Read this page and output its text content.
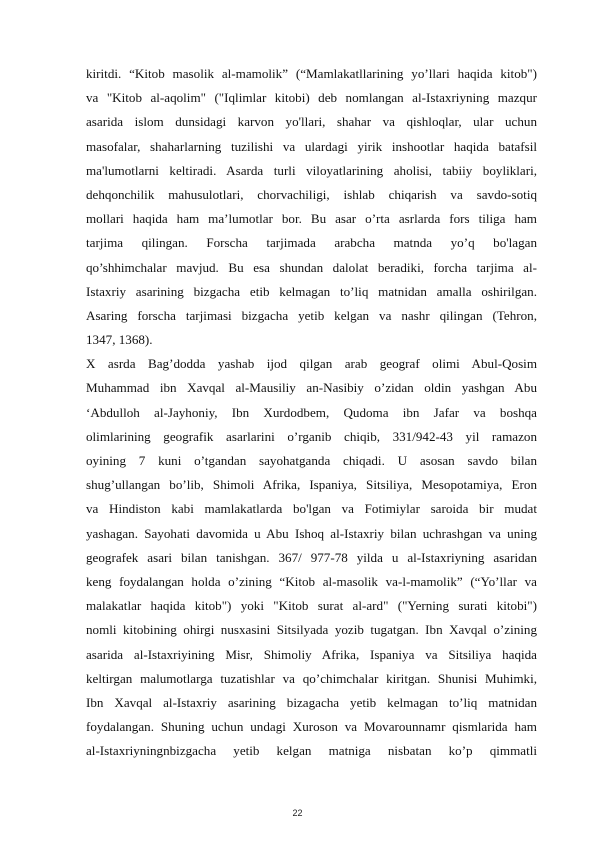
kiritdi. “Kitob masolik al-mamolik” (“Mamlakatllarining yo’llari haqida kitob")
va "Kitob al-aqolim" ("Iqlimlar kitobi) deb nomlangan al-Istaxriyning mazqur
asarida islom dunsidagi karvon yo'llari, shahar va qishloqlar, ular uchun
masofalar, shaharlarning tuzilishi va ulardagi yirik inshootlar haqida batafsil
ma'lumotlarni keltiradi. Asarda turli viloyatlarining aholisi, tabiiy boyliklari,
dehqonchilik mahusulotlari, chorvachiligi, ishlab chiqarish va savdo-sotiq
mollari haqida ham ma’lumotlar bor. Bu asar o’rta asrlarda fors tiliga ham
tarjima qilingan. Forscha tarjimada arabcha matnda yo’q bo'lagan
qo’shhimchalar mavjud. Bu esa shundan dalolat beradiki, forcha tarjima al-
Istaxriy asarining bizgacha etib kelmagan to’liq matnidan amalla oshirilgan.
Asaring forscha tarjimasi bizgacha yetib kelgan va nashr qilingan (Tehron,
1347, 1368).
X asrda Bag’dodda yashab ijod qilgan arab geograf olimi Abul-Qosim
Muhammad ibn Xavqal al-Mausiliy an-Nasibiy o’zidan oldin yashgan Abu
‘Abdulloh al-Jayhoniy, Ibn Xurdodbem, Qudoma ibn Jafar va boshqa
olimlarining geografik asarlarini o’rganib chiqib, 331/942-43 yil ramazon
oyining 7 kuni o’tgandan sayohatganda chiqadi. U asosan savdo bilan
shug’ullangan bo’lib, Shimoli Afrika, Ispaniya, Sitsiliya, Mesopotamiya, Eron
va Hindiston kabi mamlakatlarda bo'lgan va Fotimiylar saroida bir mudat
yashagan. Sayohati davomida u Abu Ishoq al-Istaxriy bilan uchrashgan va uning
geografek asari bilan tanishgan. 367/ 977-78 yilda u al-Istaxriyning asaridan
keng foydalangan holda o’zining “Kitob al-masolik va-l-mamolik” (“Yo’llar va
malakatlar haqida kitob") yoki "Kitob surat al-ard" ("Yerning surati kitobi")
nomli kitobining ohirgi nusxasini Sitsilyada yozib tugatgan. Ibn Xavqal o’zining
asarida al-Istaxriyining Misr, Shimoliy Afrika, Ispaniya va Sitsiliya haqida
keltirgan malumotlarga tuzatishlar va qo’chimchalar kiritgan. Shunisi Muhimki,
Ibn Xavqal al-Istaxriy asarining bizagacha yetib kelmagan to’liq matnidan
foydalangan. Shuning uchun undagi Xuroson va Movarounnamr qismlarida ham
al-Istaxriyningnbizgacha yetib kelgan matniga nisbatan ko’p qimmatli
22
